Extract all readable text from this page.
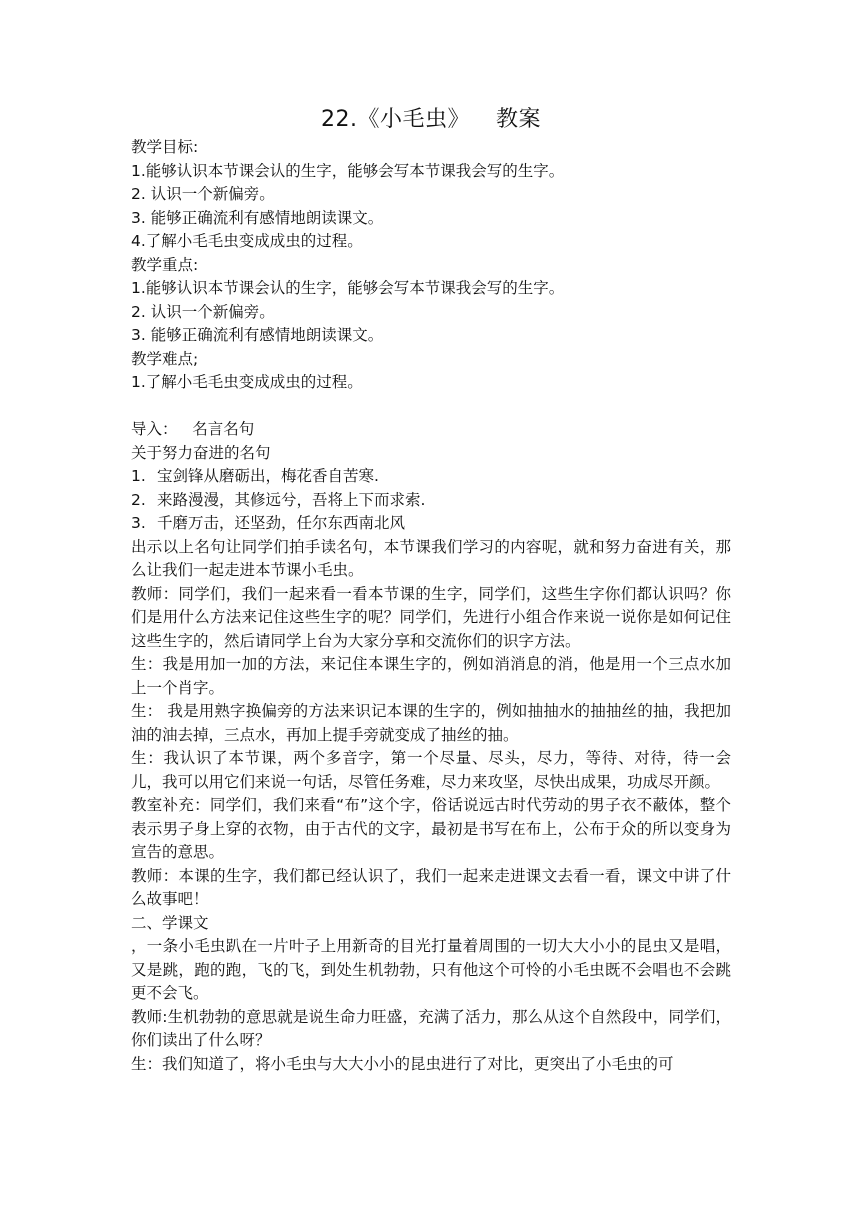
22.《小毛虫》 教案

教学目标:

1.能够认识本节课会认的生字，能够会写本节课我会写的生字。

2. 认识一个新偏旁。

3. 能够正确流利有感情地朗读课文。

4.了解小毛毛虫变成成虫的过程。

教学重点:

1.能够认识本节课会认的生字，能够会写本节课我会写的生字。

2. 认识一个新偏旁。

3. 能够正确流利有感情地朗读课文。

教学难点;

1.了解小毛毛虫变成成虫的过程。

导入：   名言名句

关于努力奋进的名句

1. 宝剑锋从磨砺出，梅花香自苦寒.

2. 来路漫漫，其修远兮，吾将上下而求索.

3. 千磨万击，还坚劲，任尔东西南北风

出示以上名句让同学们拍手读名句，本节课我们学习的内容呢，就和努力奋进有关，那么让我们一起走进本节课小毛虫。

教师：同学们，我们一起来看一看本节课的生字，同学们，这些生字你们都认识吗？你们是用什么方法来记住这些生字的呢？同学们，先进行小组合作来说一说你是如何记住这些生字的，然后请同学上台为大家分享和交流你们的识字方法。

生：我是用加一加的方法，来记住本课生字的，例如消消息的消，他是用一个三点水加上一个肖字。

生： 我是用熟字换偏旁的方法来识记本课的生字的，例如抽抽水的抽抽丝的抽，我把加油的油去掉，三点水，再加上提手旁就变成了抽丝的抽。

生：我认识了本节课，两个多音字，第一个尽量、尽头，尽力，等待、对待，待一会儿，我可以用它们来说一句话，尽管任务难，尽力来攻坚，尽快出成果，功成尽开颜。

教室补充：同学们，我们来看“布”这个字，俗话说远古时代劳动的男子衣不蔽体，整个表示男子身上穿的衣物，由于古代的文字，最初是书写在布上，公布于众的所以变身为宣告的意思。

教师：本课的生字，我们都已经认识了，我们一起来走进课文去看一看，课文中讲了什么故事吧！

二、学课文

，一条小毛虫趴在一片叶子上用新奇的目光打量着周围的一切大大小小的昆虫又是唱，又是跳，跑的跑，飞的飞，到处生机勃勃，只有他这个可怜的小毛虫既不会唱也不会跳更不会飞。

教师:生机勃勃的意思就是说生命力旺盛，充满了活力，那么从这个自然段中，同学们，你们读出了什么呀？

生：我们知道了，将小毛虫与大大小小的昆虫进行了对比，更突出了小毛虫的可
